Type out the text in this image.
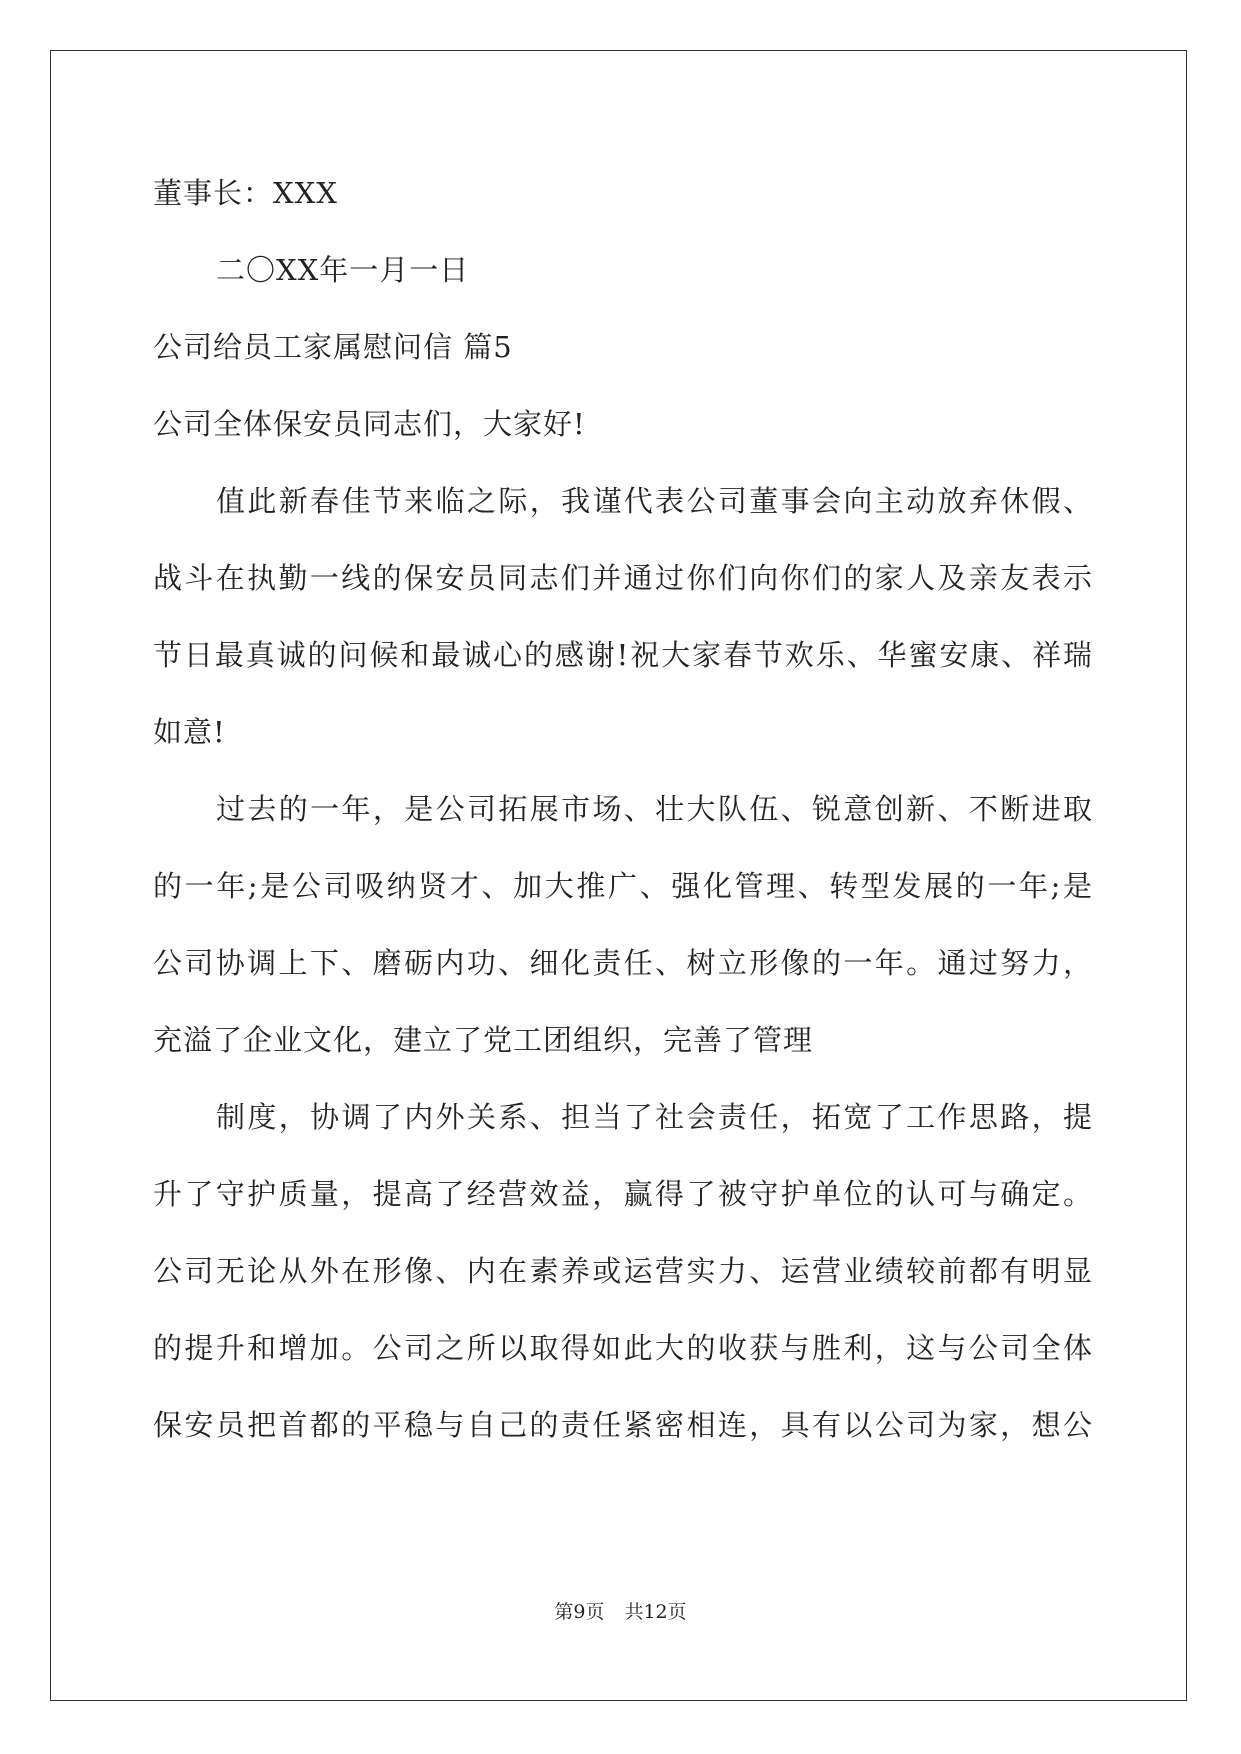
董事长：XXX
二〇XX年一月一日
公司给员工家属慰问信 篇5
公司全体保安员同志们，大家好!
值此新春佳节来临之际，我谨代表公司董事会向主动放弃休假、
战斗在执勤一线的保安员同志们并通过你们向你们的家人及亲友表示
节日最真诚的问候和最诚心的感谢!祝大家春节欢乐、华蜜安康、祥瑞
如意!
过去的一年，是公司拓展市场、壮大队伍、锐意创新、不断进取
的一年;是公司吸纳贤才、加大推广、强化管理、转型发展的一年;是
公司协调上下、磨砺内功、细化责任、树立形像的一年。通过努力，
充溢了企业文化，建立了党工团组织，完善了管理
制度，协调了内外关系、担当了社会责任，拓宽了工作思路，提
升了守护质量，提高了经营效益，赢得了被守护单位的认可与确定。
公司无论从外在形像、内在素养或运营实力、运营业绩较前都有明显
的提升和增加。公司之所以取得如此大的收获与胜利，这与公司全体
保安员把首都的平稳与自己的责任紧密相连，具有以公司为家，想公
第9页 共12页
